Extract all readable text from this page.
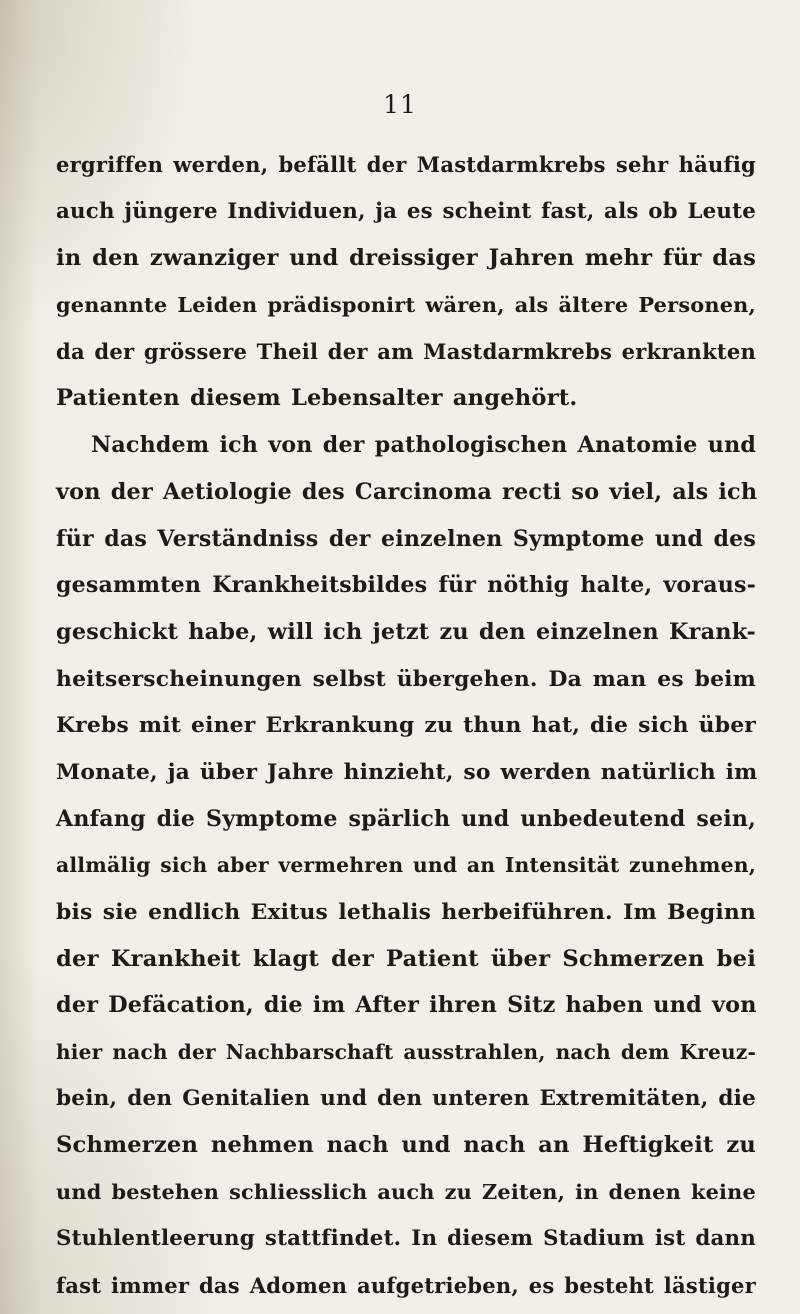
11
ergriffen werden, befällt der Mastdarmkrebs sehr häufig
auch jüngere Individuen, ja es scheint fast, als ob Leute
in den zwanziger und dreissiger Jahren mehr für das
genannte Leiden prädisponirt wären, als ältere Personen,
da der grössere Theil der am Mastdarmkrebs erkrankten
Patienten diesem Lebensalter angehört.
Nachdem ich von der pathologischen Anatomie und
von der Aetiologie des Carcinoma recti so viel, als ich
für das Verständniss der einzelnen Symptome und des
gesammten Krankheitsbildes für nöthig halte, voraus-
geschickt habe, will ich jetzt zu den einzelnen Krank-
heitserscheinungen selbst übergehen. Da man es beim
Krebs mit einer Erkrankung zu thun hat, die sich über
Monate, ja über Jahre hinzieht, so werden natürlich im
Anfang die Symptome spärlich und unbedeutend sein,
allmälig sich aber vermehren und an Intensität zunehmen,
bis sie endlich Exitus lethalis herbeiführen. Im Beginn
der Krankheit klagt der Patient über Schmerzen bei
der Defäcation, die im After ihren Sitz haben und von
hier nach der Nachbarschaft ausstrahlen, nach dem Kreuz-
bein, den Genitalien und den unteren Extremitäten, die
Schmerzen nehmen nach und nach an Heftigkeit zu
und bestehen schliesslich auch zu Zeiten, in denen keine
Stuhlentleerung stattfindet. In diesem Stadium ist dann
fast immer das Adomen aufgetrieben, es besteht lästiger
